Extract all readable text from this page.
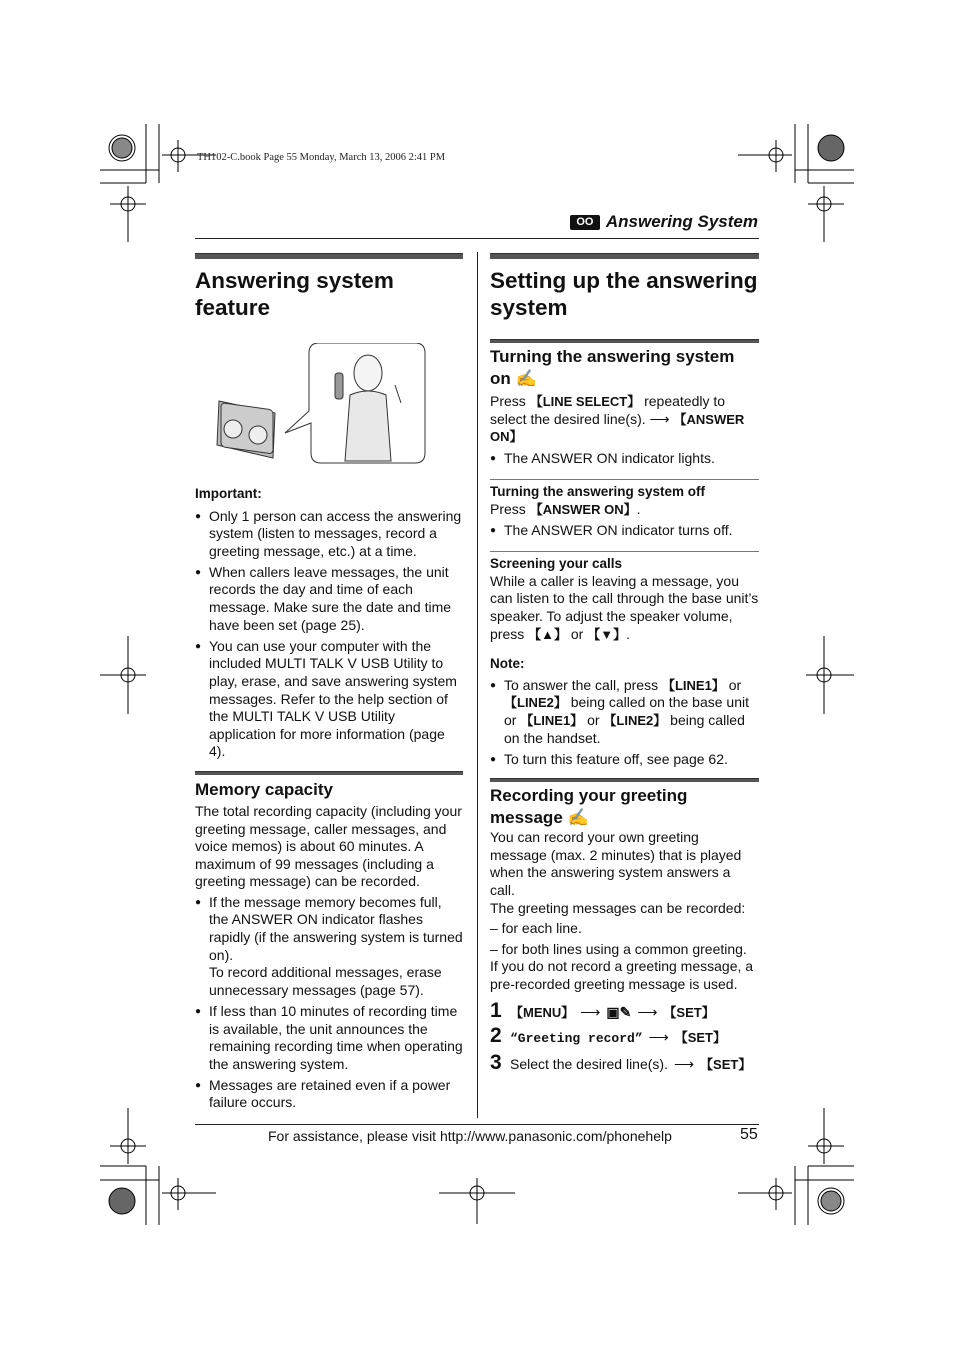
TH102-C.book Page 55 Monday, March 13, 2006 2:41 PM
OO Answering System
Answering system feature

Important:

● Only 1 person can access the answering system (listen to messages, record a greeting message, etc.) at a time.
● When callers leave messages, the unit records the day and time of each message. Make sure the date and time have been set (page 25).
● You can use your computer with the included MULTI TALK V USB Utility to play, erase, and save answering system messages. Refer to the help section of the MULTI TALK V USB Utility application for more information (page 4).
Memory capacity

The total recording capacity (including your greeting message, caller messages, and voice memos) is about 60 minutes. A maximum of 99 messages (including a greeting message) can be recorded.

● If the message memory becomes full, the ANSWER ON indicator flashes rapidly (if the answering system is turned on).
To record additional messages, erase unnecessary messages (page 57).
● If less than 10 minutes of recording time is available, the unit announces the remaining recording time when operating the answering system.
● Messages are retained even if a power failure occurs.
Setting up the answering system
Turning the answering system on ✍

Press 【LINE SELECT】 repeatedly to select the desired line(s). ⟶ 【ANSWER ON】

● The ANSWER ON indicator lights.

Turning the answering system off

Press 【ANSWER ON】.

● The ANSWER ON indicator turns off.

Screening your calls

While a caller is leaving a message, you can listen to the call through the base unit’s speaker. To adjust the speaker volume, press 【▲】 or 【▼】.

Note:

● To answer the call, press 【LINE1】 or 【LINE2】 being called on the base unit or 【LINE1】 or 【LINE2】 being called on the handset.
● To turn this feature off, see page 62.
Recording your greeting message ✍

You can record your own greeting message (max. 2 minutes) that is played when the answering system answers a call.

The greeting messages can be recorded:

– for each line.

– for both lines using a common greeting.

If you do not record a greeting message, a pre-recorded greeting message is used.

1 【MENU】 ⟶ ▣✎ ⟶ 【SET】
2 “Greeting record” ⟶ 【SET】
3 Select the desired line(s). ⟶ 【SET】
For assistance, please visit http://www.panasonic.com/phonehelp	55
